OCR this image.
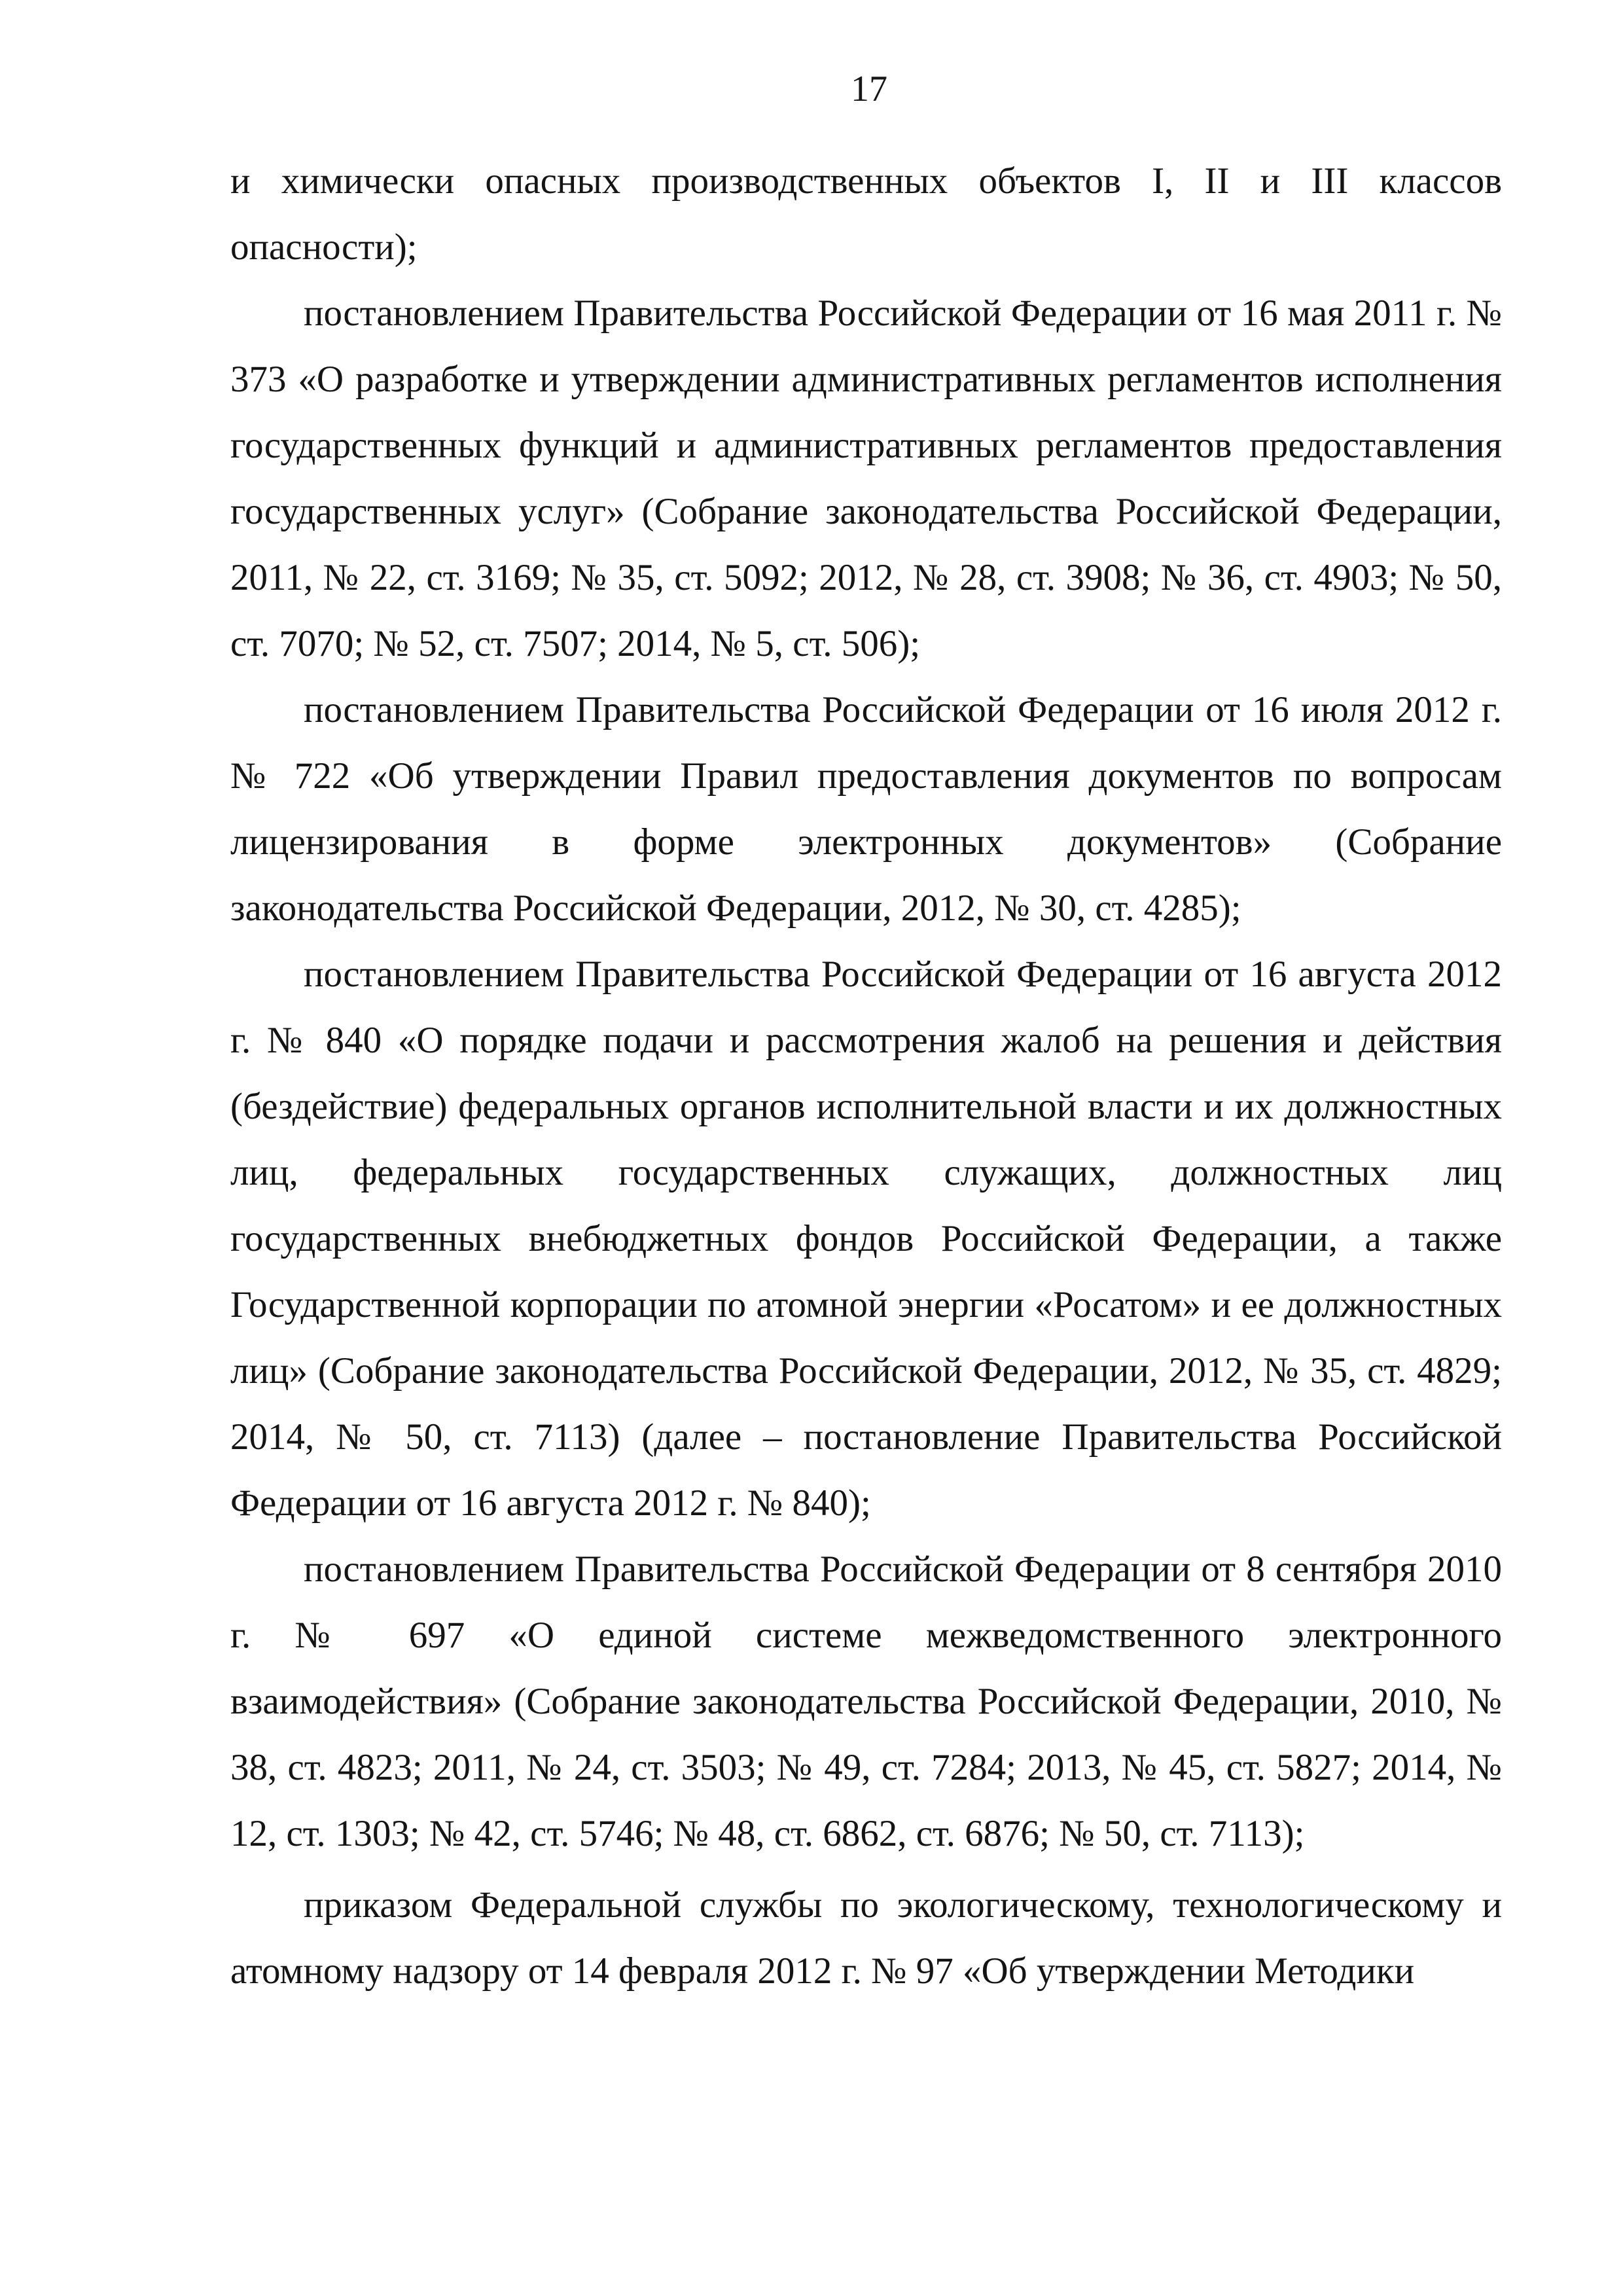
17

и химически опасных производственных объектов I, II и III классов опасности);

постановлением Правительства Российской Федерации от 16 мая 2011 г. № 373 «О разработке и утверждении административных регламентов исполнения государственных функций и административных регламентов предоставления государственных услуг» (Собрание законодательства Российской Федерации, 2011, № 22, ст. 3169; № 35, ст. 5092; 2012, № 28, ст. 3908; № 36, ст. 4903; № 50, ст. 7070; № 52, ст. 7507; 2014, № 5, ст. 506);

постановлением Правительства Российской Федерации от 16 июля 2012 г. № 722 «Об утверждении Правил предоставления документов по вопросам лицензирования в форме электронных документов» (Собрание законодательства Российской Федерации, 2012, № 30, ст. 4285);

постановлением Правительства Российской Федерации от 16 августа 2012 г. № 840 «О порядке подачи и рассмотрения жалоб на решения и действия (бездействие) федеральных органов исполнительной власти и их должностных лиц, федеральных государственных служащих, должностных лиц государственных внебюджетных фондов Российской Федерации, а также Государственной корпорации по атомной энергии «Росатом» и ее должностных лиц» (Собрание законодательства Российской Федерации, 2012, № 35, ст. 4829; 2014, № 50, ст. 7113) (далее – постановление Правительства Российской Федерации от 16 августа 2012 г. № 840);

постановлением Правительства Российской Федерации от 8 сентября 2010 г. № 697 «О единой системе межведомственного электронного взаимодействия» (Собрание законодательства Российской Федерации, 2010, № 38, ст. 4823; 2011, № 24, ст. 3503; № 49, ст. 7284; 2013, № 45, ст. 5827; 2014, № 12, ст. 1303; № 42, ст. 5746; № 48, ст. 6862, ст. 6876; № 50, ст. 7113);

приказом Федеральной службы по экологическому, технологическому и атомному надзору от 14 февраля 2012 г. № 97 «Об утверждении Методики
